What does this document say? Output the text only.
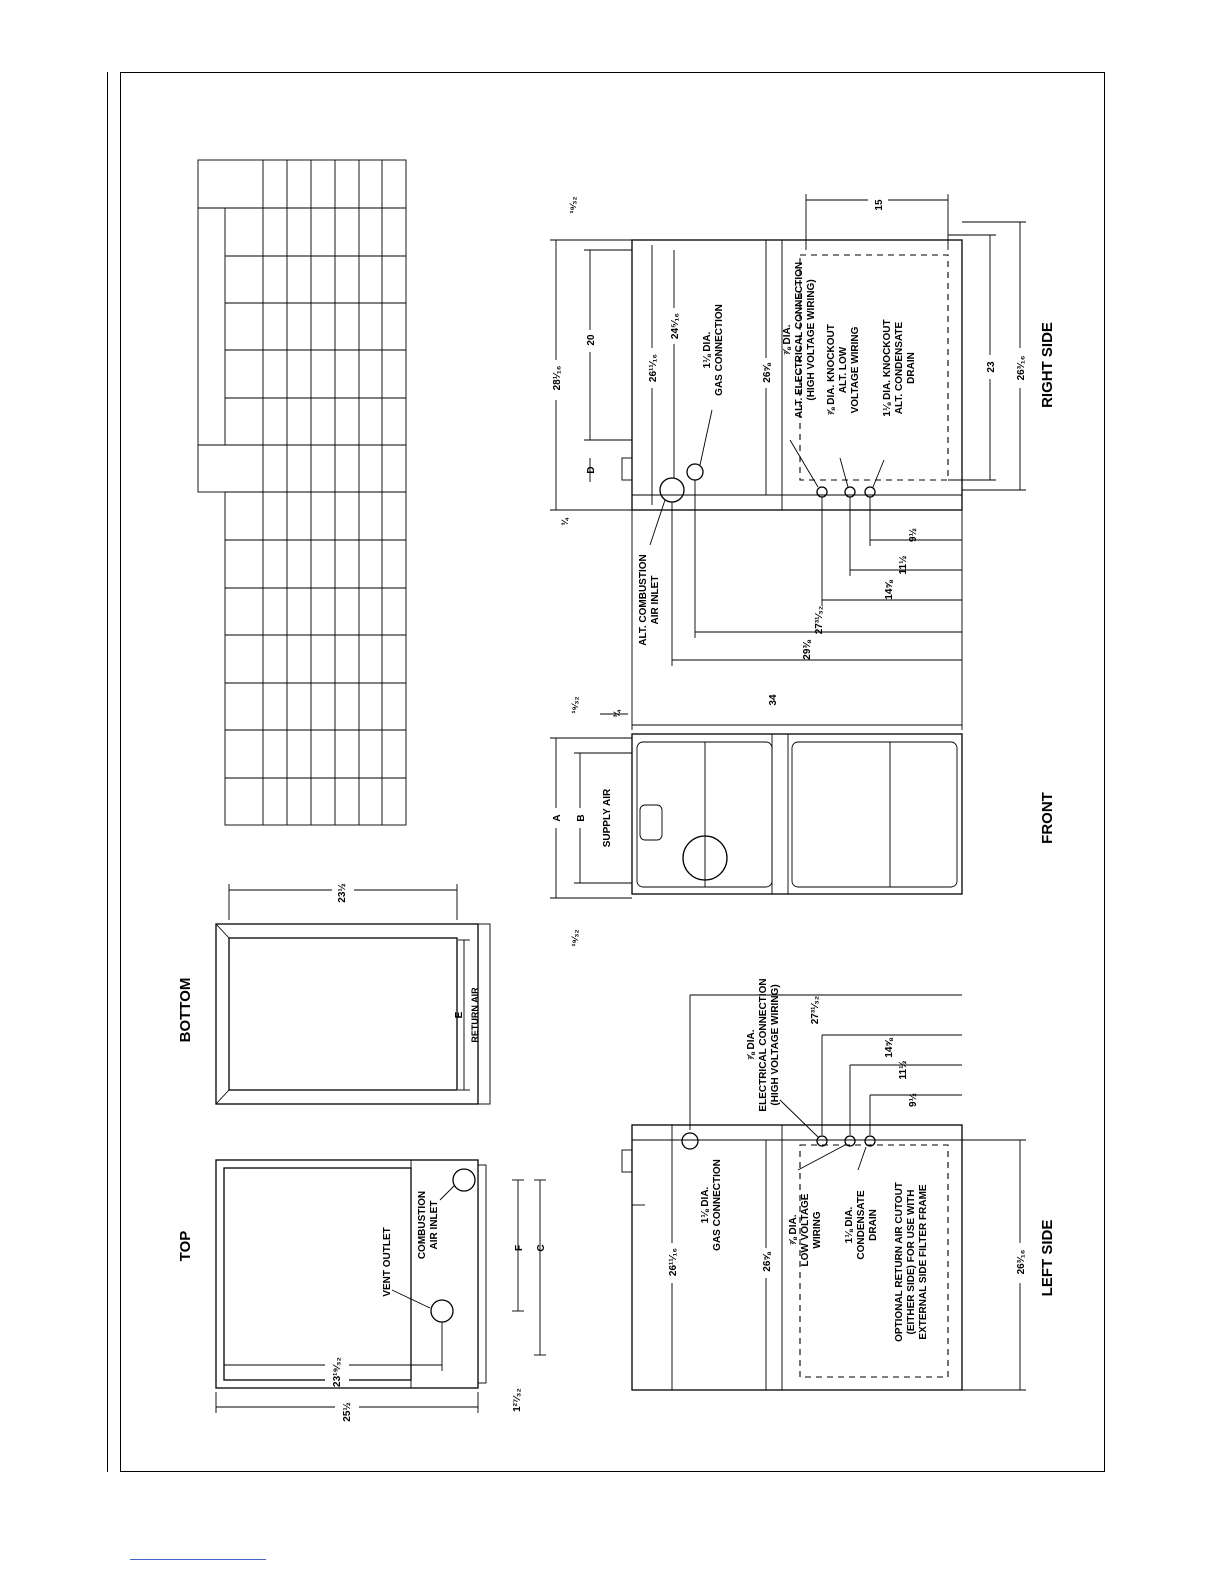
BOTTOM	E RETURN AIR
23½
TOP	VENT OUTLET
COMBUSTION AIR INLET
23¹⁹⁄₃₂
25½
F C
1²⁷⁄₃₂
FRONT
SUPPLY AIR
A B
¹⁹⁄₃₂
¹⁹⁄₃₂
¾
LEFT SIDE
26¹¹⁄₁₆	26⅝	26³⁄₁₆
27³¹⁄₃₂
14⅝
11½
9½
1⅛ DIA. GAS CONNECTION
⅞ DIA. ELECTRICAL CONNECTION (HIGH VOLTAGE WIRING)
⅞ DIA. LOW VOLTAGE WIRING 1⅛ DIA. CONDENSATE DRAIN OPTIONAL RETURN AIR CUTOUT (EITHER SIDE) FOR USE WITH EXTERNAL SIDE FILTER FRAME
RIGHT SIDE
28¹⁄₁₆
20
D
26¹¹⁄₁₆
24⁵⁄₁₆
26⅝	23 26³⁄₁₆
15
34
29⅜
27³¹⁄₃₂
14⅝
11½
9½
¾
¹⁹⁄₃₂
ALT. COMBUSTION AIR INLET
1⅛ DIA. GAS CONNECTION	⅞ DIA. ALT. ELECTRICAL CONNECTION (HIGH VOLTAGE WIRING) ⅞ DIA. KNOCKOUT ALT. LOW VOLTAGE WIRING 1⅛ DIA. KNOCKOUT ALT. CONDENSATE DRAIN
